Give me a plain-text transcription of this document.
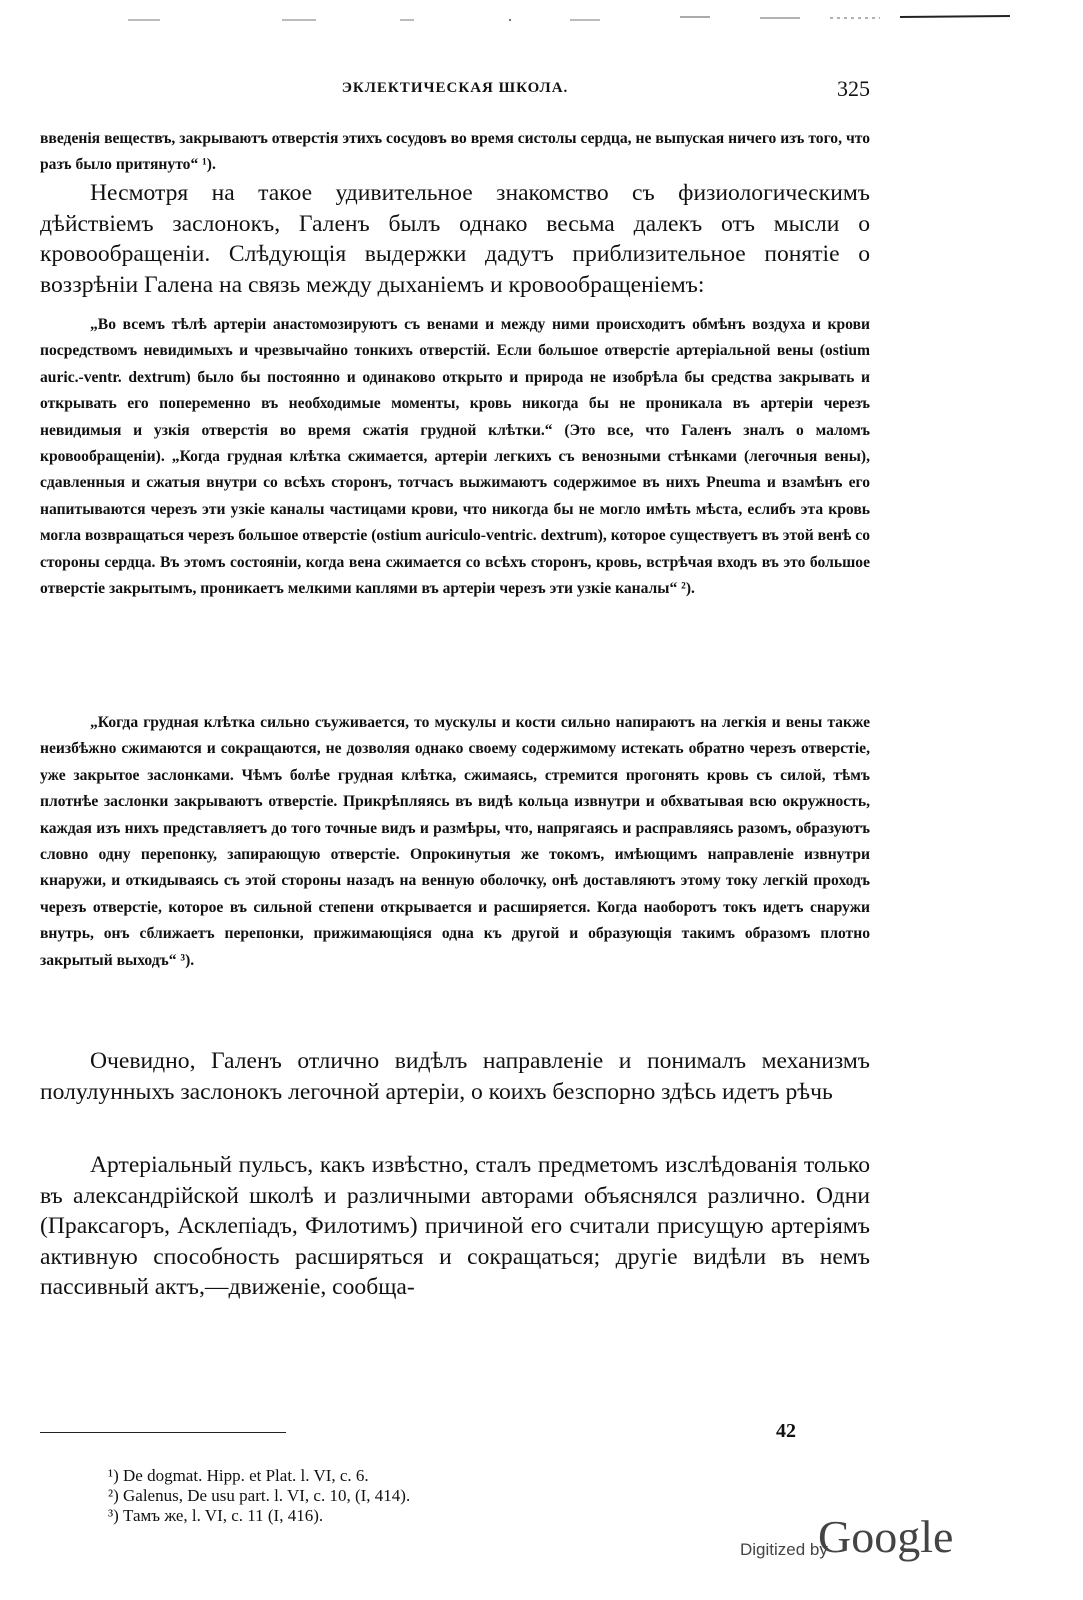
ЭКЛЕКТИЧЕСКАЯ ШКОЛА.	325

введенія веществъ, закрываютъ отверстія этихъ сосудовъ во время систолы сердца, не выпуская ничего изъ того, что разъ было притянуто“ ¹).

Несмотря на такое удивительное знакомство съ физиологическимъ дѣйствіемъ заслонокъ, Галенъ былъ однако весьма далекъ отъ мысли о кровообращеніи. Слѣдующія выдержки дадутъ приблизительное понятіе о воззрѣніи Галена на связь между дыханіемъ и кровообращеніемъ:

„Во всемъ тѣлѣ артеріи анастомозируютъ съ венами и между ними происходитъ обмѣнъ воздуха и крови посредствомъ невидимыхъ и чрезвычайно тонкихъ отверстій. Если большое отверстіе артеріальной вены (ostium auric.-ventr. dextrum) было бы постоянно и одинаково открыто и природа не изобрѣла бы средства закрывать и открывать его попеременно въ необходимые моменты, кровь никогда бы не проникала въ артеріи черезъ невидимыя и узкія отверстія во время сжатія грудной клѣтки.“ (Это все, что Галенъ зналъ о маломъ кровообращеніи). „Когда грудная клѣтка сжимается, артеріи легкихъ съ венозными стѣнками (легочныя вены), сдавленныя и сжатыя внутри со всѣхъ сторонъ, тотчасъ выжимаютъ содержимое въ нихъ Pneuma и взамѣнъ его напитываются черезъ эти узкіе каналы частицами крови, что никогда бы не могло имѣть мѣста, еслибъ эта кровь могла возвращаться черезъ большое отверстіе (ostium auriculo-ventric. dextrum), которое существуетъ въ этой венѣ со стороны сердца. Въ этомъ состояніи, когда вена сжимается со всѣхъ сторонъ, кровь, встрѣчая входъ въ это большое отверстіе закрытымъ, проникаетъ мелкими каплями въ артеріи черезъ эти узкіе каналы“ ²).

„Когда грудная клѣтка сильно съуживается, то мускулы и кости сильно напираютъ на легкія и вены также неизбѣжно сжимаются и сокращаются, не дозволяя однако своему содержимому истекать обратно черезъ отверстіе, уже закрытое заслонками. Чѣмъ болѣе грудная клѣтка, сжимаясь, стремится прогонять кровь съ силой, тѣмъ плотнѣе заслонки закрываютъ отверстіе. Прикрѣпляясь въ видѣ кольца извнутри и обхватывая всю окружность, каждая изъ нихъ представляетъ до того точные видъ и размѣры, что, напрягаясь и расправляясь разомъ, образуютъ словно одну перепонку, запирающую отверстіе. Опрокинутыя же токомъ, имѣющимъ направленіе извнутри кнаружи, и откидываясь съ этой стороны назадъ на венную оболочку, онѣ доставляютъ этому току легкій проходъ черезъ отверстіе, которое въ сильной степени открывается и расширяется. Когда наоборотъ токъ идетъ снаружи внутрь, онъ сближаетъ перепонки, прижимающіяся одна къ другой и образующія такимъ образомъ плотно закрытый выходъ“ ³).

Очевидно, Галенъ отлично видѣлъ направленіе и понималъ механизмъ полулунныхъ заслонокъ легочной артеріи, о коихъ безспорно здѣсь идетъ рѣчь

Артеріальный пульсъ, какъ извѣстно, сталъ предметомъ изслѣдованія только въ александрійской школѣ и различными авторами объяснялся различно. Одни (Праксагоръ, Асклепіадъ, Филотимъ) причиной его считали присущую артеріямъ активную способность расширяться и сокращаться; другіе видѣли въ немъ пассивный актъ,—движеніе, сообща-

¹) De dogmat. Hipp. et Plat. l. VI, c. 6.
²) Galenus, De usu part. l. VI, c. 10, (I, 414).
³) Тамъ же, l. VI, c. 11 (I, 416).
42
Digitized by
Google
